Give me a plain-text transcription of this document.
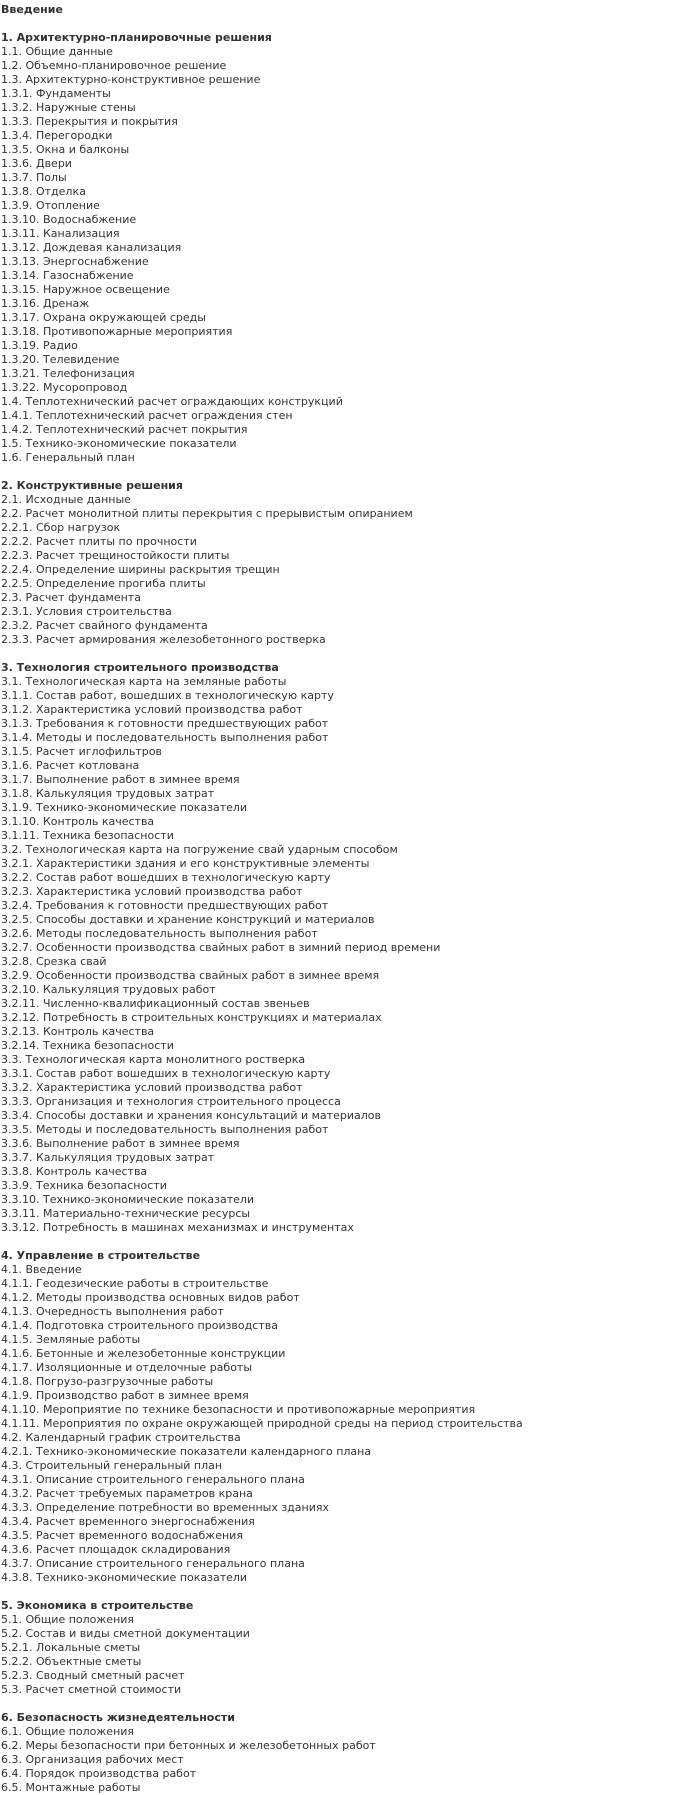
Введение
1. Архитектурно-планировочные решения
1.1. Общие данные
1.2. Объемно-планировочное решение
1.3. Архитектурно-конструктивное решение
1.3.1. Фундаменты
1.3.2. Наружные стены
1.3.3. Перекрытия и покрытия
1.3.4. Перегородки
1.3.5. Окна и балконы
1.3.6. Двери
1.3.7. Полы
1.3.8. Отделка
1.3.9. Отопление
1.3.10. Водоснабжение
1.3.11. Канализация
1.3.12. Дождевая канализация
1.3.13. Энергоснабжение
1.3.14. Газоснабжение
1.3.15. Наружное освещение
1.3.16. Дренаж
1.3.17. Охрана окружающей среды
1.3.18. Противопожарные мероприятия
1.3.19. Радио
1.3.20. Телевидение
1.3.21. Телефонизация
1.3.22. Мусоропровод
1.4. Теплотехнический расчет ограждающих конструкций
1.4.1. Теплотехнический расчет ограждения стен
1.4.2. Теплотехнический расчет покрытия
1.5. Технико-экономические показатели
1.6. Генеральный план
2. Конструктивные решения
2.1. Исходные данные
2.2. Расчет монолитной плиты перекрытия с прерывистым опиранием
2.2.1. Сбор нагрузок
2.2.2. Расчет плиты по прочности
2.2.3. Расчет трещиностойкости плиты
2.2.4. Определение ширины раскрытия трещин
2.2.5. Определение прогиба плиты
2.3. Расчет фундамента
2.3.1. Условия строительства
2.3.2. Расчет свайного фундамента
2.3.3. Расчет армирования железобетонного ростверка
3. Технология строительного производства
3.1. Технологическая карта на земляные работы
3.1.1. Состав работ, вошедших в технологическую карту
3.1.2. Характеристика условий производства работ
3.1.3. Требования к готовности предшествующих работ
3.1.4. Методы и последовательность выполнения работ
3.1.5. Расчет иглофильтров
3.1.6. Расчет котлована
3.1.7. Выполнение работ в зимнее время
3.1.8. Калькуляция трудовых затрат
3.1.9. Технико-экономические показатели
3.1.10. Контроль качества
3.1.11. Техника безопасности
3.2. Технологическая карта на погружение свай ударным способом
3.2.1. Характеристики здания и его конструктивные элементы
3.2.2. Состав работ вошедших в технологическую карту
3.2.3. Характеристика условий производства работ
3.2.4. Требования к готовности предшествующих работ
3.2.5. Способы доставки и хранение конструкций и материалов
3.2.6. Методы последовательность выполнения работ
3.2.7. Особенности производства свайных работ в зимний период времени
3.2.8. Срезка свай
3.2.9. Особенности производства свайных работ в зимнее время
3.2.10. Калькуляция трудовых работ
3.2.11. Численно-квалификационный состав звеньев
3.2.12. Потребность в строительных конструкциях и материалах
3.2.13. Контроль качества
3.2.14. Техника безопасности
3.3. Технологическая карта монолитного ростверка
3.3.1. Состав работ вошедших в технологическую карту
3.3.2. Характеристика условий производства работ
3.3.3. Организация и технология строительного процесса
3.3.4. Способы доставки и хранения консультаций и материалов
3.3.5. Методы и последовательность выполнения работ
3.3.6. Выполнение работ в зимнее время
3.3.7. Калькуляция трудовых затрат
3.3.8. Контроль качества
3.3.9. Техника безопасности
3.3.10. Технико-экономические показатели
3.3.11. Материально-технические ресурсы
3.3.12. Потребность в машинах механизмах и инструментах
4. Управление в строительстве
4.1. Введение
4.1.1. Геодезические работы в строительстве
4.1.2. Методы производства основных видов работ
4.1.3. Очередность выполнения работ
4.1.4. Подготовка строительного производства
4.1.5. Земляные работы
4.1.6. Бетонные и железобетонные конструкции
4.1.7. Изоляционные и отделочные работы
4.1.8. Погрузо-разгрузочные работы
4.1.9. Производство работ в зимнее время
4.1.10. Мероприятие по технике безопасности и противопожарные мероприятия
4.1.11. Мероприятия по охране окружающей природной среды на период строительства
4.2. Календарный график строительства
4.2.1. Технико-экономические показатели календарного плана
4.3. Строительный генеральный план
4.3.1. Описание строительного генерального плана
4.3.2. Расчет требуемых параметров крана
4.3.3. Определение потребности во временных зданиях
4.3.4. Расчет временного энергоснабжения
4.3.5. Расчет временного водоснабжения
4.3.6. Расчет площадок складирования
4.3.7. Описание строительного генерального плана
4.3.8. Технико-экономические показатели
5. Экономика в строительстве
5.1. Общие положения
5.2. Состав и виды сметной документации
5.2.1. Локальные сметы
5.2.2. Объектные сметы
5.2.3. Сводный сметный расчет
5.3. Расчет сметной стоимости
6. Безопасность жизнедеятельности
6.1. Общие положения
6.2. Меры безопасности при бетонных и железобетонных работ
6.3. Организация рабочих мест
6.4. Порядок производства работ
6.5. Монтажные работы
